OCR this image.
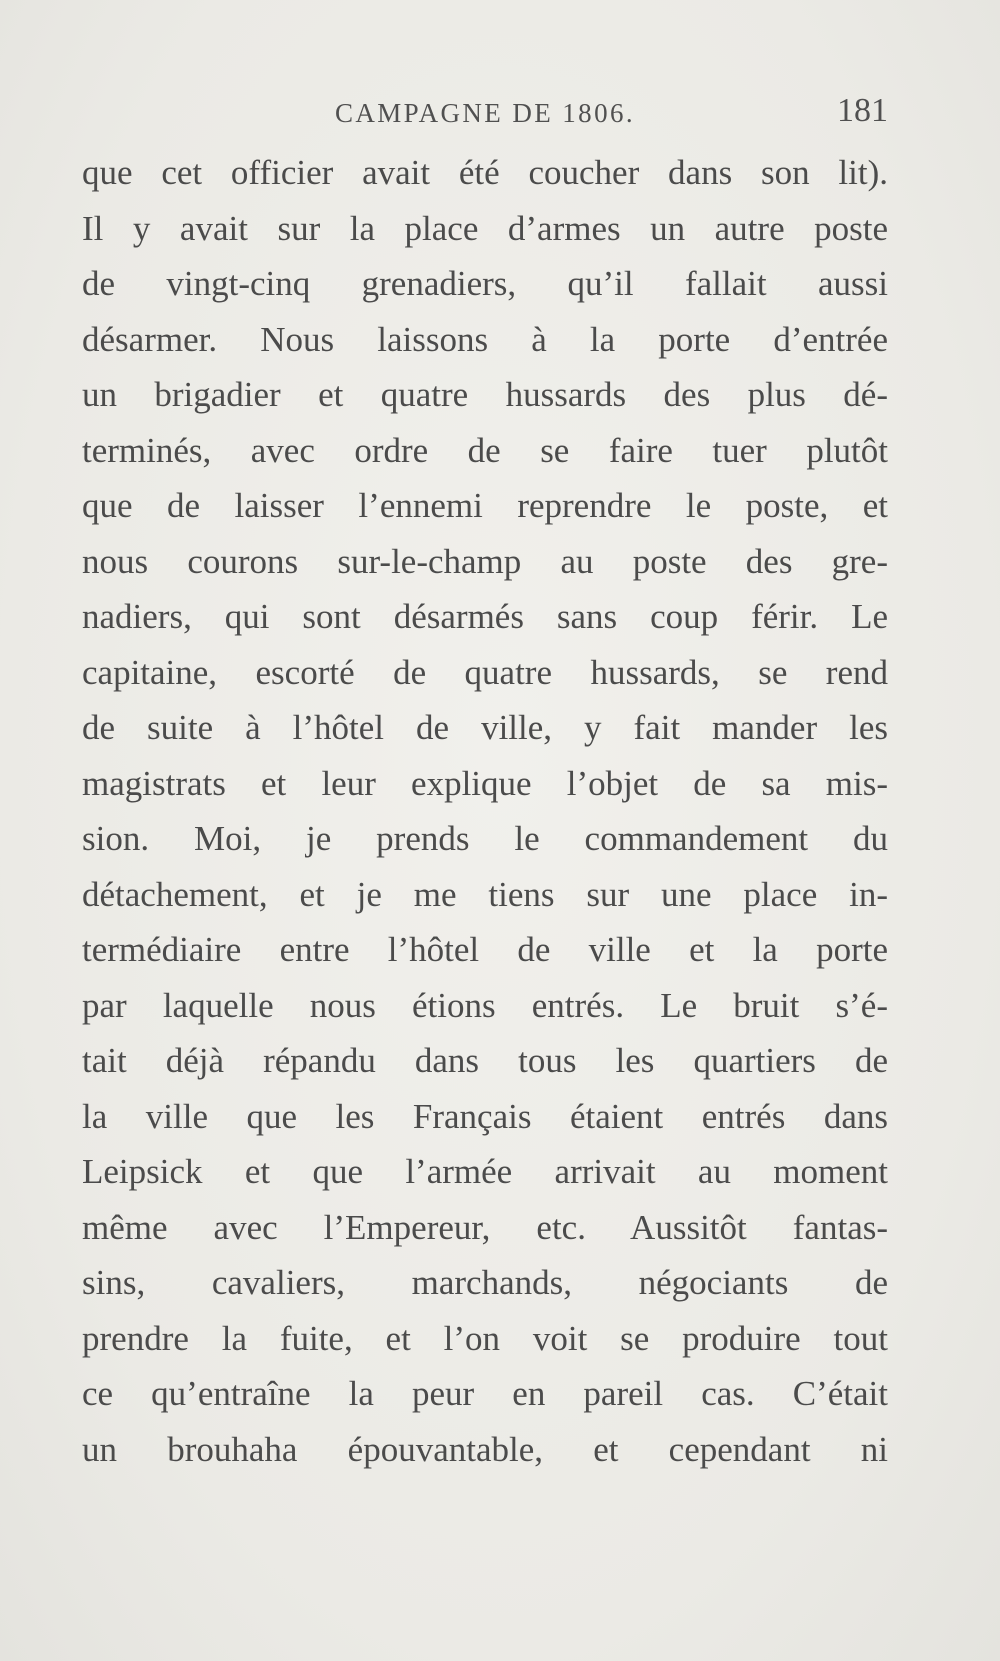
CAMPAGNE DE 1806.	181
que cet officier avait été coucher dans son lit).
Il y avait sur la place d’armes un autre poste
de vingt-cinq grenadiers, qu’il fallait aussi
désarmer. Nous laissons à la porte d’entrée
un brigadier et quatre hussards des plus dé-
terminés, avec ordre de se faire tuer plutôt
que de laisser l’ennemi reprendre le poste, et
nous courons sur-le-champ au poste des gre-
nadiers, qui sont désarmés sans coup férir. Le
capitaine, escorté de quatre hussards, se rend
de suite à l’hôtel de ville, y fait mander les
magistrats et leur explique l’objet de sa mis-
sion. Moi, je prends le commandement du
détachement, et je me tiens sur une place in-
termédiaire entre l’hôtel de ville et la porte
par laquelle nous étions entrés. Le bruit s’é-
tait déjà répandu dans tous les quartiers de
la ville que les Français étaient entrés dans
Leipsick et que l’armée arrivait au moment
même avec l’Empereur, etc. Aussitôt fantas-
sins, cavaliers, marchands, négociants de
prendre la fuite, et l’on voit se produire tout
ce qu’entraîne la peur en pareil cas. C’était
un brouhaha épouvantable, et cependant ni
